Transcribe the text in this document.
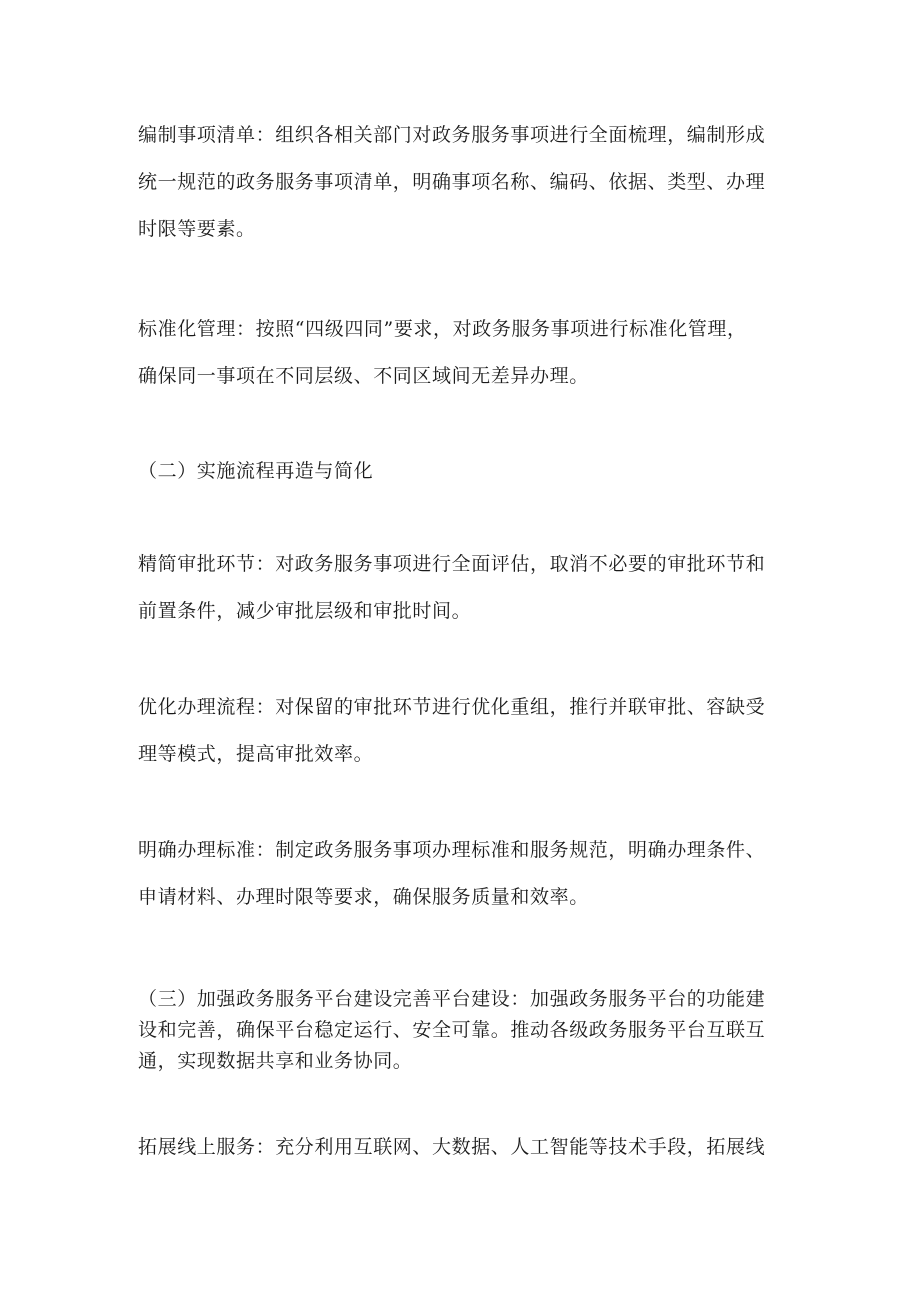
编制事项清单：组织各相关部门对政务服务事项进行全面梳理，编制形成
统一规范的政务服务事项清单，明确事项名称、编码、依据、类型、办理
时限等要素。
标准化管理：按照“四级四同”要求，对政务服务事项进行标准化管理，
确保同一事项在不同层级、不同区域间无差异办理。
（二）实施流程再造与简化
精简审批环节：对政务服务事项进行全面评估，取消不必要的审批环节和
前置条件，减少审批层级和审批时间。
优化办理流程：对保留的审批环节进行优化重组，推行并联审批、容缺受
理等模式，提高审批效率。
明确办理标准：制定政务服务事项办理标准和服务规范，明确办理条件、
申请材料、办理时限等要求，确保服务质量和效率。
（三）加强政务服务平台建设完善平台建设：加强政务服务平台的功能建
设和完善，确保平台稳定运行、安全可靠。推动各级政务服务平台互联互
通，实现数据共享和业务协同。
拓展线上服务：充分利用互联网、大数据、人工智能等技术手段，拓展线
